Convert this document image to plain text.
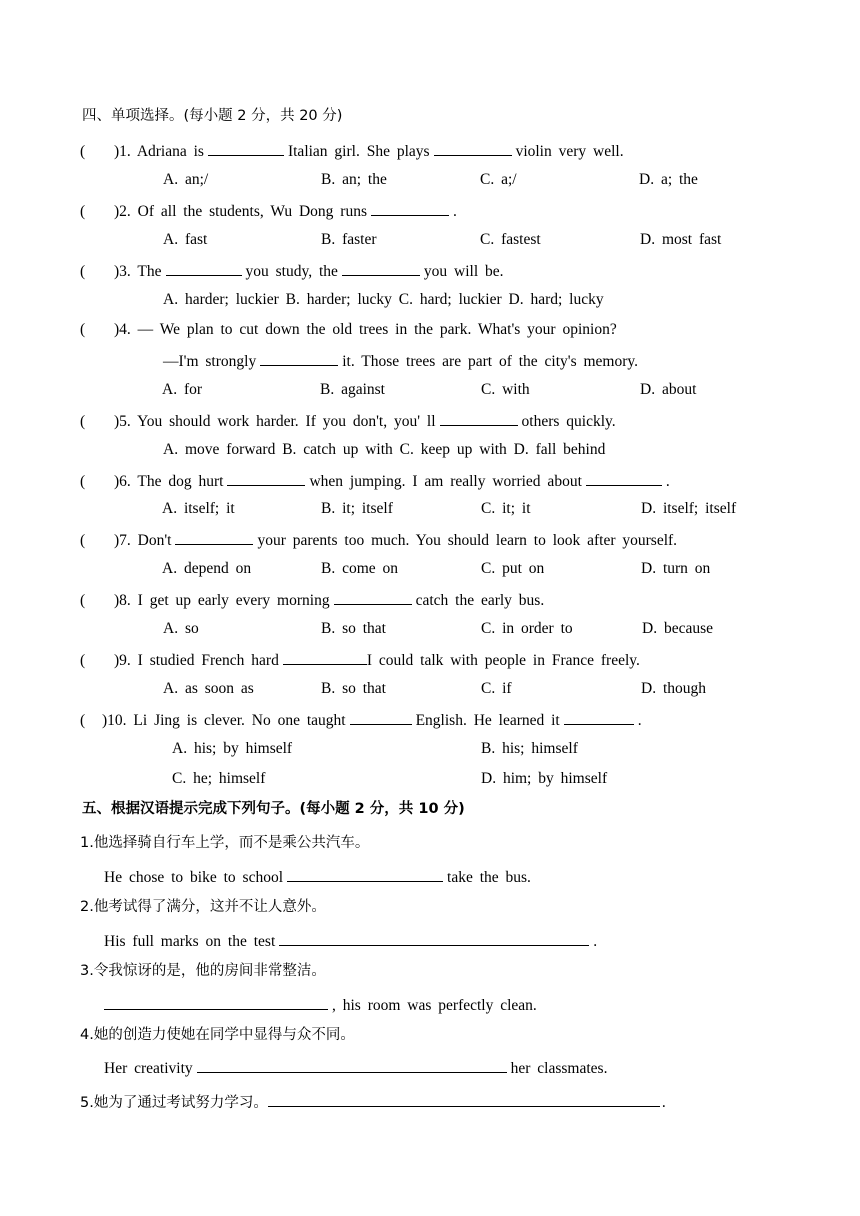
四、单项选择。(每小题 2 分，共 20 分)
( )1. Adriana is	Italian girl. She plays	violin very well.
A. an;/	B. an; the	C. a;/	D. a; the
( )2. Of all the students, Wu Dong runs	.
A. fast	B. faster	C. fastest	D. most fast
( )3. The	you study, the	you will be.
A. harder; luckier B. harder; lucky C. hard; luckier D. hard; lucky
( )4. — We plan to cut down the old trees in the park. What's your opinion?
—I'm strongly	it. Those trees are part of the city's memory.
A. for	B. against	C. with	D. about
( )5. You should work harder. If you don't, you' ll	others quickly.
A. move forward B. catch up with C. keep up with D. fall behind
( )6. The dog hurt	when jumping. I am really worried about	.
A. itself; it	B. it; itself	C. it; it	D. itself; itself
( )7. Don't	your parents too much. You should learn to look after yourself.
A. depend on	B. come on	C. put on	D. turn on
( )8. I get up early every morning	catch the early bus.
A. so	B. so that	C. in order to	D. because
( )9. I studied French hard	I could talk with people in France freely.
A. as soon as	B. so that	C. if	D. though
( )10. Li Jing is clever. No one taught	English. He learned it	.
A. his; by himself	B. his; himself
C. he; himself	D. him; by himself
五、根据汉语提示完成下列句子。(每小题 2 分，共 10 分)
1.他选择骑自行车上学，而不是乘公共汽车。
He chose to bike to school	take the bus.
2.他考试得了满分，这并不让人意外。
His full marks on the test	.
3.令我惊讶的是，他的房间非常整洁。
, his room was perfectly clean.
4.她的创造力使她在同学中显得与众不同。
Her creativity	her classmates.
5.她为了通过考试努力学习。	.
